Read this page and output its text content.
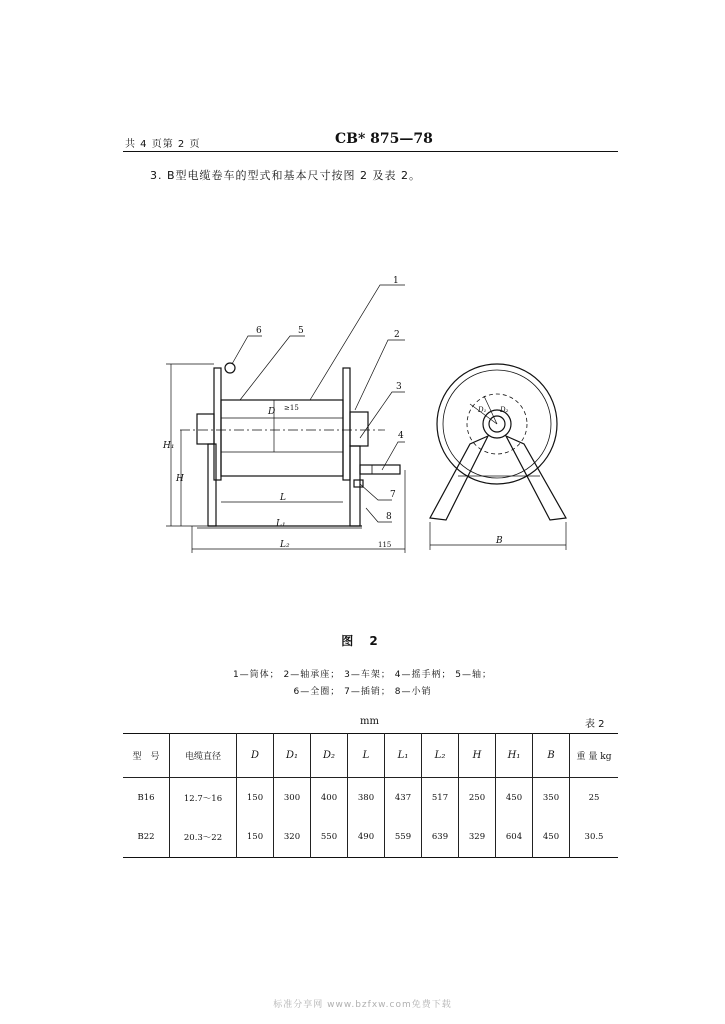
共 4 页第 2 页	CB* 875—78
3. B型电缆卷车的型式和基本尺寸按图 2 及表 2。
1
2
3
4
5
6
7
8
D ≥15
L
L₁
L₂	115
H₁
H
B
D₁ D₂
图 2
1—筒体； 2—轴承座； 3—车架； 4—摇手柄； 5—轴；
6—全圈； 7—插销； 8—小销
mm	表 2
型　号	电缆直径	D	D₁	D₂	L	L₁	L₂	H	H₁	B	重 量 kg
B16	12.7～16	150	300	400	380	437	517	250	450	350	25
B22	20.3～22	150	320	550	490	559	639	329	604	450	30.5
标准分享网 www.bzfxw.com免费下载
